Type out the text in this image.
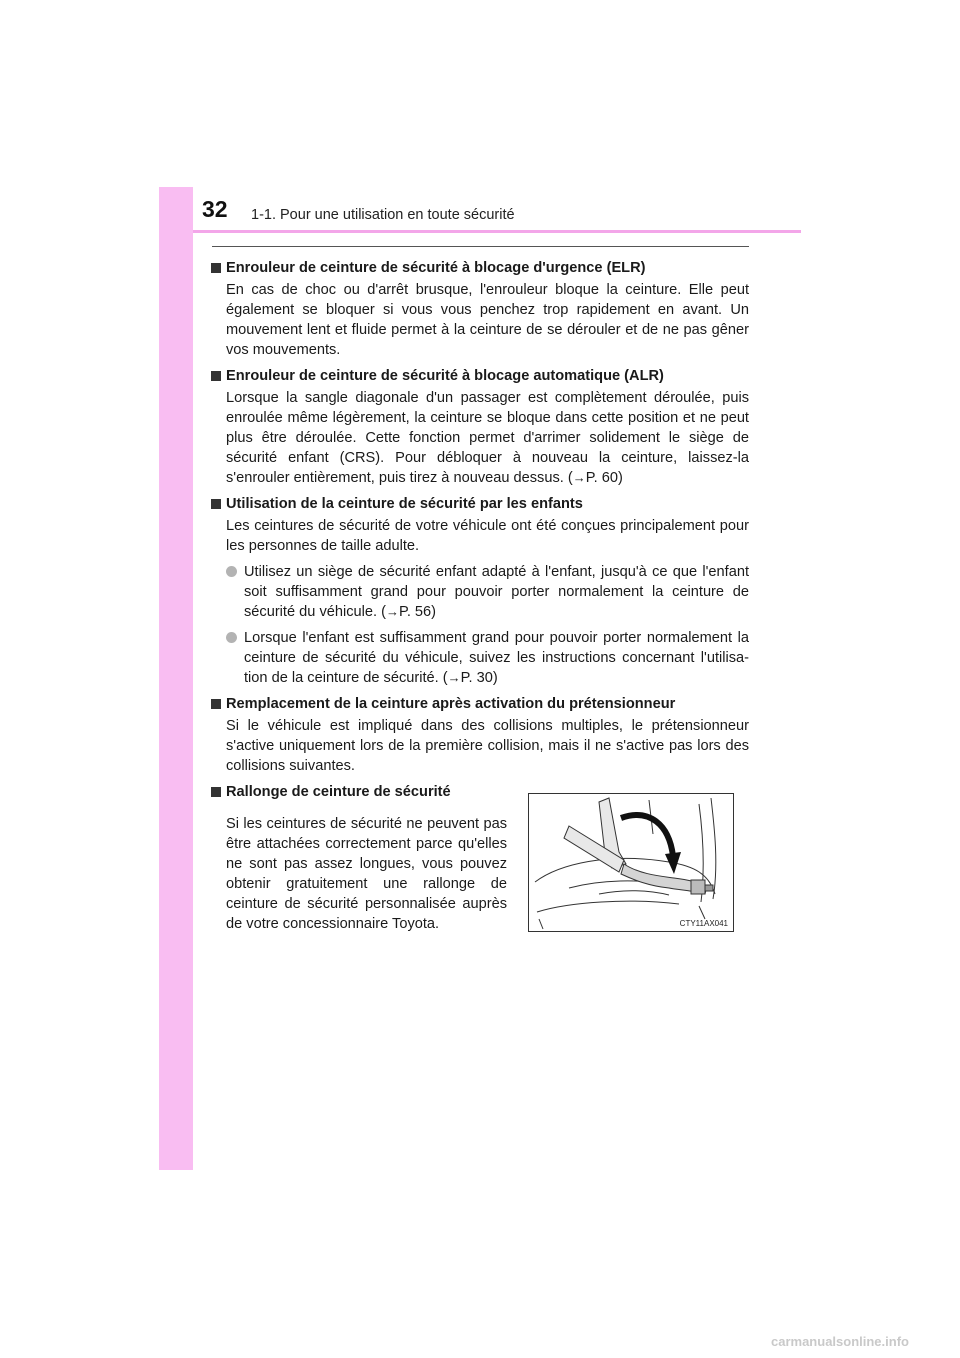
32 1-1. Pour une utilisation en toute sécurité
Enrouleur de ceinture de sécurité à blocage d'urgence (ELR)
En cas de choc ou d'arrêt brusque, l'enrouleur bloque la ceinture. Elle peut également se bloquer si vous vous penchez trop rapidement en avant. Un mouvement lent et fluide permet à la ceinture de se dérouler et de ne pas gêner vos mouvements.
Enrouleur de ceinture de sécurité à blocage automatique (ALR)
Lorsque la sangle diagonale d'un passager est complètement déroulée, puis enroulée même légèrement, la ceinture se bloque dans cette position et ne peut plus être déroulée. Cette fonction permet d'arrimer solidement le siège de sécurité enfant (CRS). Pour débloquer à nouveau la ceinture, laissez-la s'enrouler entièrement, puis tirez à nouveau dessus. (→P. 60)
Utilisation de la ceinture de sécurité par les enfants
Les ceintures de sécurité de votre véhicule ont été conçues principalement pour les personnes de taille adulte.
Utilisez un siège de sécurité enfant adapté à l'enfant, jusqu'à ce que l'enfant soit suffisamment grand pour pouvoir porter normalement la ceinture de sécurité du véhicule. (→P. 56)
Lorsque l'enfant est suffisamment grand pour pouvoir porter normalement la ceinture de sécurité du véhicule, suivez les instructions concernant l'utilisa-tion de la ceinture de sécurité. (→P. 30)
Remplacement de la ceinture après activation du prétensionneur
Si le véhicule est impliqué dans des collisions multiples, le prétensionneur s'active uniquement lors de la première collision, mais il ne s'active pas lors des collisions suivantes.
Rallonge de ceinture de sécurité
Si les ceintures de sécurité ne peuvent pas être attachées correctement parce qu'elles ne sont pas assez longues, vous pouvez obtenir gratuitement une rallonge de ceinture de sécurité personnalisée auprès de votre concessionnaire Toyota.	CTY11AX041
carmanualsonline.info
